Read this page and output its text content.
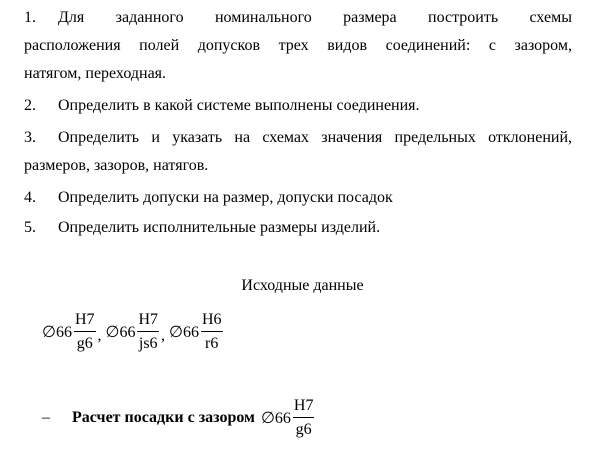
1. Для заданного номинального размера построить схемы
расположения полей допусков трех видов соединений: с зазором,
натягом, переходная.
2. Определить в какой системе выполнены соединения.
3. Определить и указать на схемах значения предельных отклонений,
размеров, зазоров, натягов.
4. Определить допуски на размер, допуски посадок
5. Определить исполнительные размеры изделий.
Исходные данные
∅66 $\frac{H7}{g6}$ , ∅66 $\frac{H7}{js6}$ , ∅66 $\frac{H6}{r6}$
–	Расчет посадки с зазором ∅66 $\frac{H7}{g6}$
